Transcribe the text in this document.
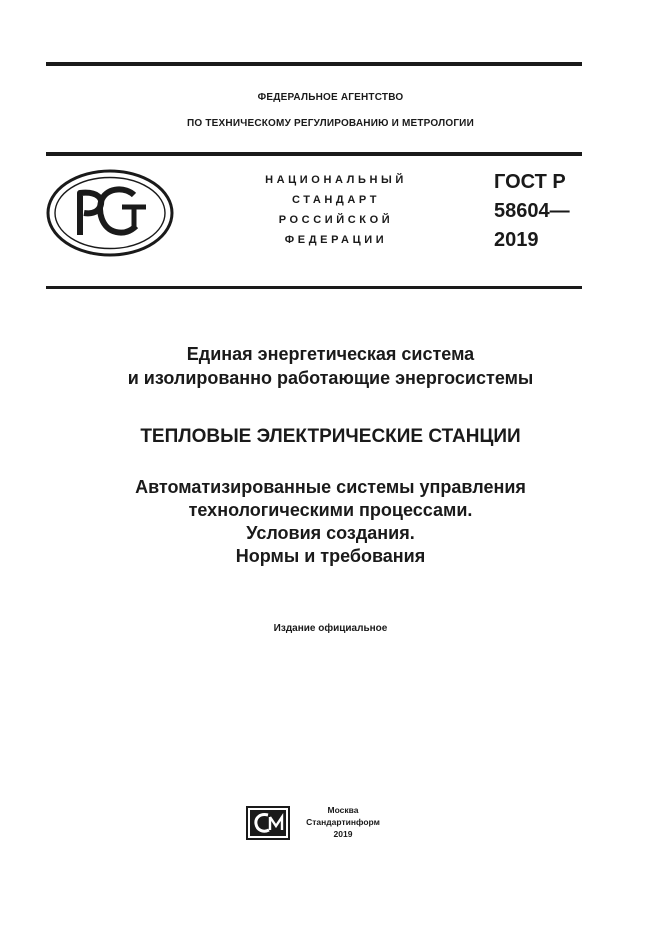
ФЕДЕРАЛЬНОЕ АГЕНТСТВО
ПО ТЕХНИЧЕСКОМУ РЕГУЛИРОВАНИЮ И МЕТРОЛОГИИ
НАЦИОНАЛЬНЫЙ
СТАНДАРТ
РОССИЙСКОЙ
ФЕДЕРАЦИИ
ГОСТ Р
58604—
2019
Единая энергетическая система
и изолированно работающие энергосистемы
ТЕПЛОВЫЕ ЭЛЕКТРИЧЕСКИЕ СТАНЦИИ
Автоматизированные системы управления
технологическими процессами.
Условия создания.
Нормы и требования
Издание официальное
Москва
Стандартинформ
2019
